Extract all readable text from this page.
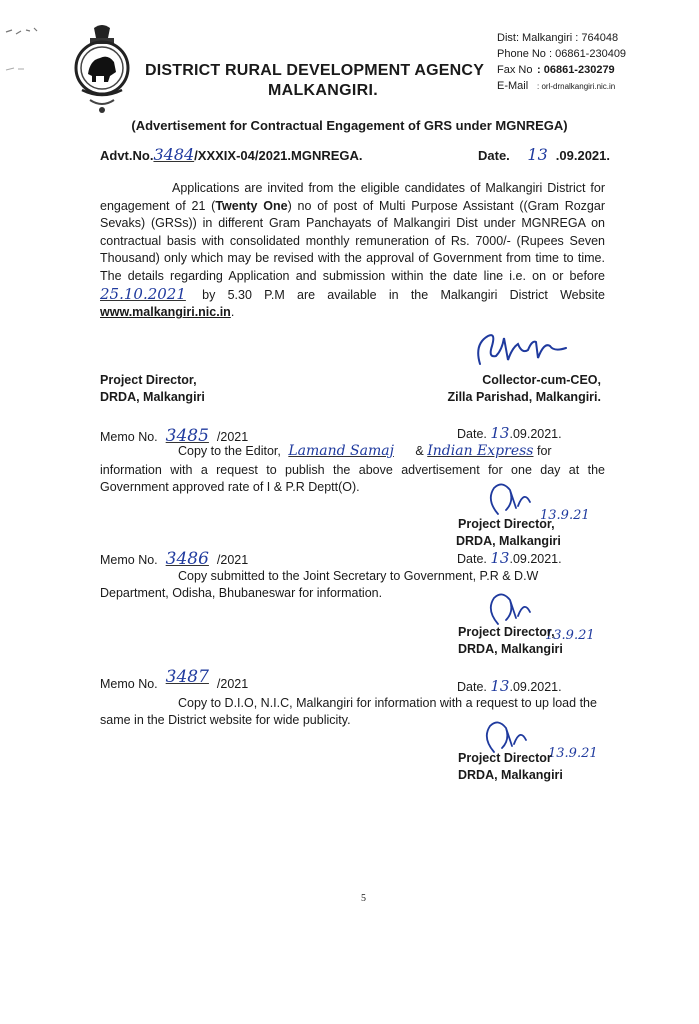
DISTRICT RURAL DEVELOPMENT AGENCY
MALKANGIRI.
Dist: Malkangiri : 764048
Phone No : 06861-230409
Fax No : 06861-230279
E-Mail : orl-drnalkangiri.nic.in
(Advertisement for Contractual Engagement of GRS under MGNREGA)
Advt.No.3484/XXXIX-04/2021.MGNREGA.	Date. 13 .09.2021.
Applications are invited from the eligible candidates of Malkangiri District for
engagement of 21 (Twenty One) no of post of Multi Purpose Assistant ((Gram Rozgar
Sevaks) (GRSs)) in different Gram Panchayats of Malkangiri Dist under MGNREGA on
contractual basis with consolidated monthly remuneration of Rs. 7000/- (Rupees Seven
Thousand) only which may be revised with the approval of Government from time to time.
The details regarding Application and submission within the date line i.e. on or before
25.10.2021 by 5.30 P.M are available in the Malkangiri District Website
www.malkangiri.nic.in.
Project Director,
DRDA, Malkangiri
Collector-cum-CEO,
Zilla Parishad, Malkangiri.
Memo No. 3485 /2021	Date. 13.09.2021.
Copy to the Editor, Lamand Samaj & Indian Express for
information with a request to publish the above advertisement for one day at the
Government approved rate of I & P.R Deptt(O).
13.9.21
Project Director,
DRDA, Malkangiri
Memo No. 3486 /2021	Date. 13.09.2021.
Copy submitted to the Joint Secretary to Government, P.R & D.W
Department, Odisha, Bhubaneswar for information.
13.9.21
Project Director,
DRDA, Malkangiri
Memo No. 3487 /2021	Date. 13.09.2021.
Copy to D.I.O, N.I.C, Malkangiri for information with a request to up load the
same in the District website for wide publicity.
13.9.21
Project Director
DRDA, Malkangiri
5
